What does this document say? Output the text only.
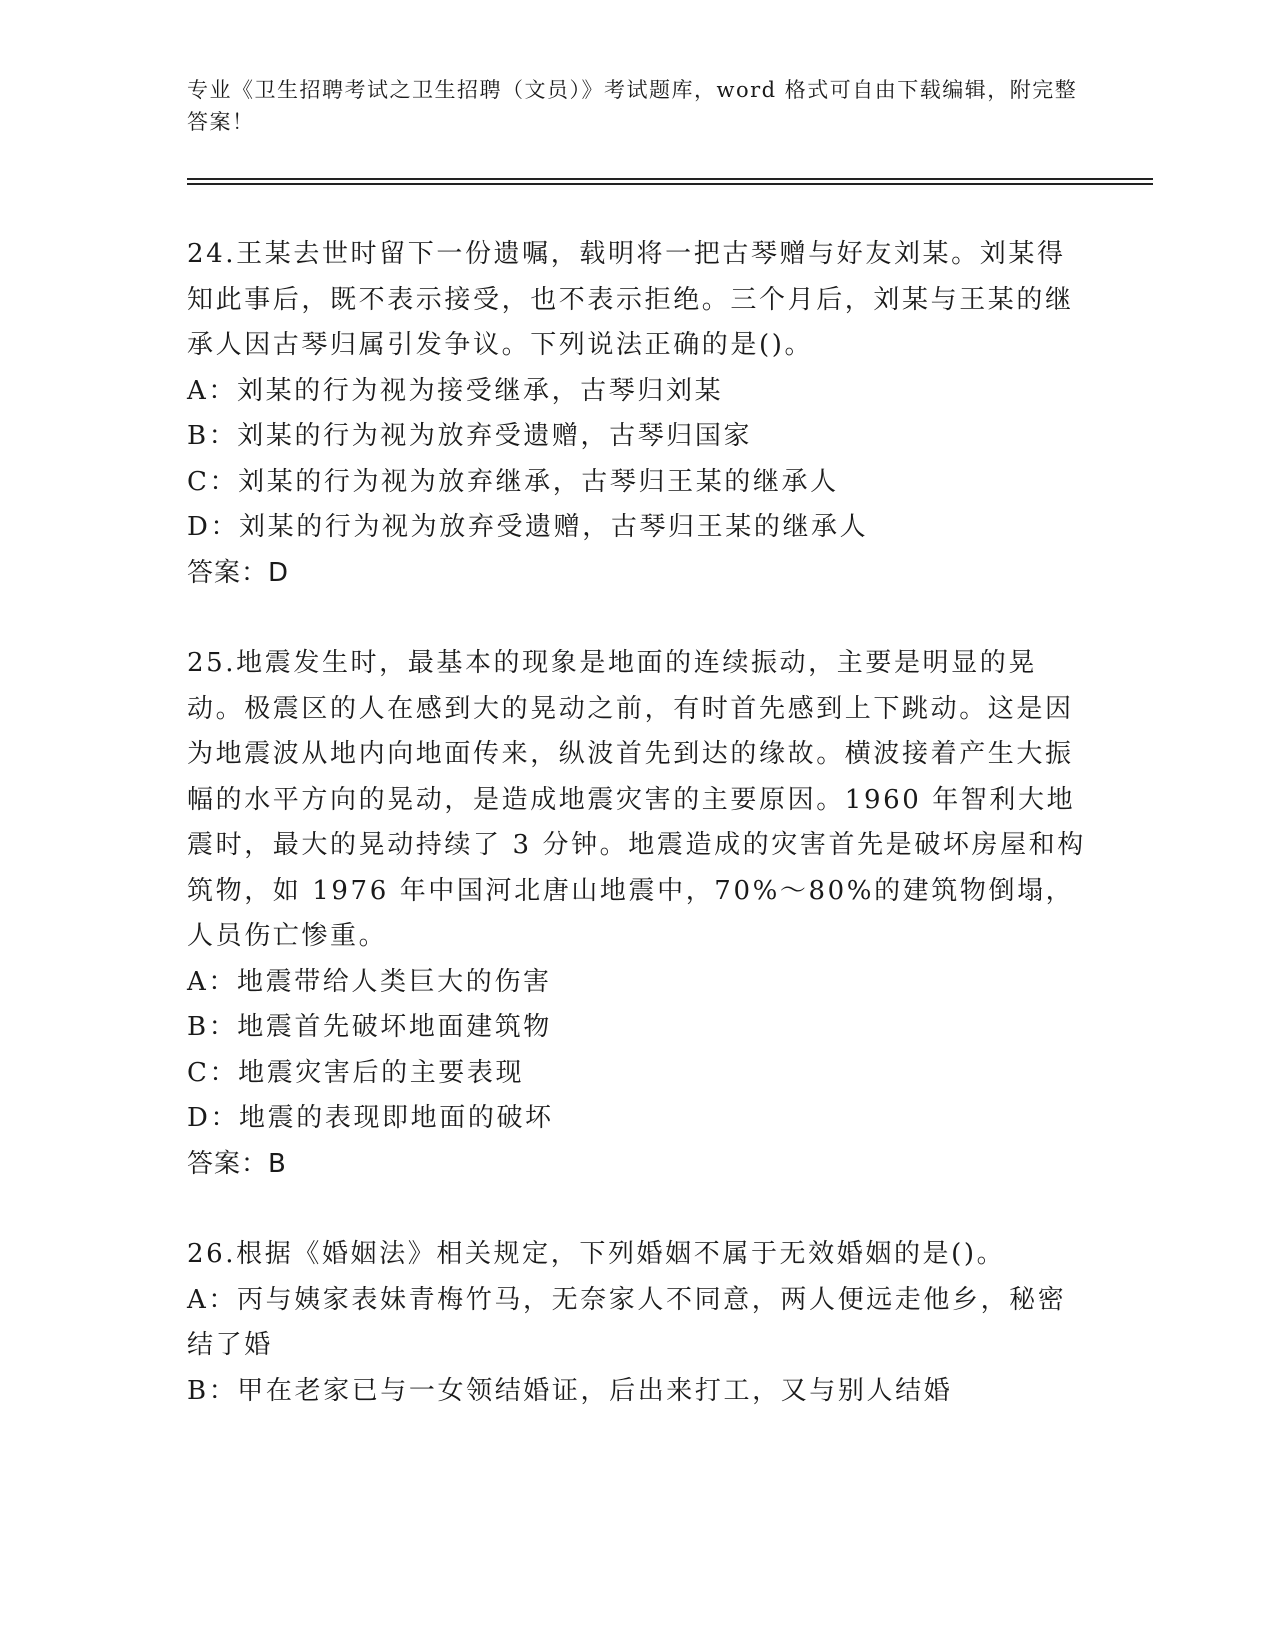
专业《卫生招聘考试之卫生招聘（文员）》考试题库，word 格式可自由下载编辑，附完整答案！

24.王某去世时留下一份遗嘱，载明将一把古琴赠与好友刘某。刘某得知此事后，既不表示接受，也不表示拒绝。三个月后，刘某与王某的继承人因古琴归属引发争议。下列说法正确的是()。

A：刘某的行为视为接受继承，古琴归刘某

B：刘某的行为视为放弃受遗赠，古琴归国家

C：刘某的行为视为放弃继承，古琴归王某的继承人

D：刘某的行为视为放弃受遗赠，古琴归王某的继承人

答案：D

25.地震发生时，最基本的现象是地面的连续振动，主要是明显的晃动。极震区的人在感到大的晃动之前，有时首先感到上下跳动。这是因为地震波从地内向地面传来，纵波首先到达的缘故。横波接着产生大振幅的水平方向的晃动，是造成地震灾害的主要原因。1960 年智利大地震时，最大的晃动持续了 3 分钟。地震造成的灾害首先是破坏房屋和构筑物，如 1976 年中国河北唐山地震中，70%～80%的建筑物倒塌，人员伤亡惨重。

A：地震带给人类巨大的伤害

B：地震首先破坏地面建筑物

C：地震灾害后的主要表现

D：地震的表现即地面的破坏

答案：B

26.根据《婚姻法》相关规定，下列婚姻不属于无效婚姻的是()。

A：丙与姨家表妹青梅竹马，无奈家人不同意，两人便远走他乡，秘密结了婚

B：甲在老家已与一女领结婚证，后出来打工，又与别人结婚
